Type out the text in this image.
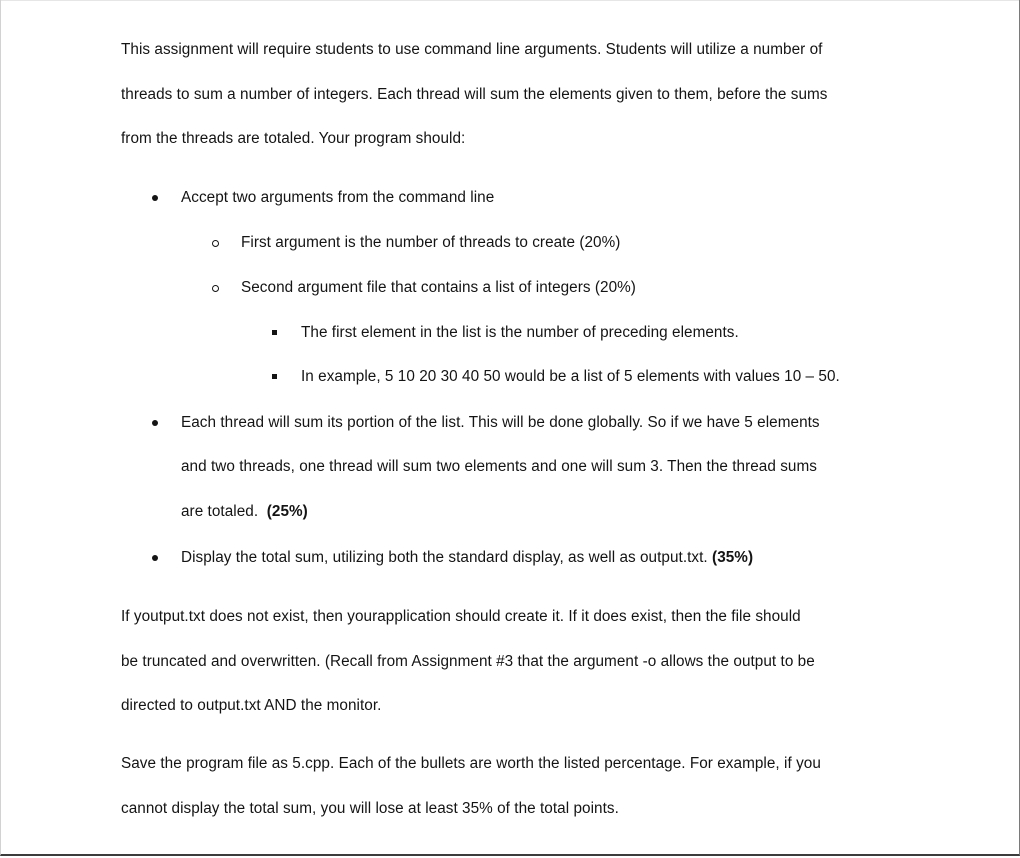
This assignment will require students to use command line arguments. Students will utilize a number of
threads to sum a number of integers. Each thread will sum the elements given to them, before the sums
from the threads are totaled. Your program should:
Accept two arguments from the command line
First argument is the number of threads to create (20%)
Second argument file that contains a list of integers (20%)
The first element in the list is the number of preceding elements.
In example, 5 10 20 30 40 50 would be a list of 5 elements with values 10 – 50.
Each thread will sum its portion of the list. This will be done globally. So if we have 5 elements
and two threads, one thread will sum two elements and one will sum 3. Then the thread sums
are totaled.  (25%)
Display the total sum, utilizing both the standard display, as well as output.txt. (35%)
If youtput.txt does not exist, then yourapplication should create it. If it does exist, then the file should
be truncated and overwritten. (Recall from Assignment #3 that the argument -o allows the output to be
directed to output.txt AND the monitor.
Save the program file as 5.cpp. Each of the bullets are worth the listed percentage. For example, if you
cannot display the total sum, you will lose at least 35% of the total points.
